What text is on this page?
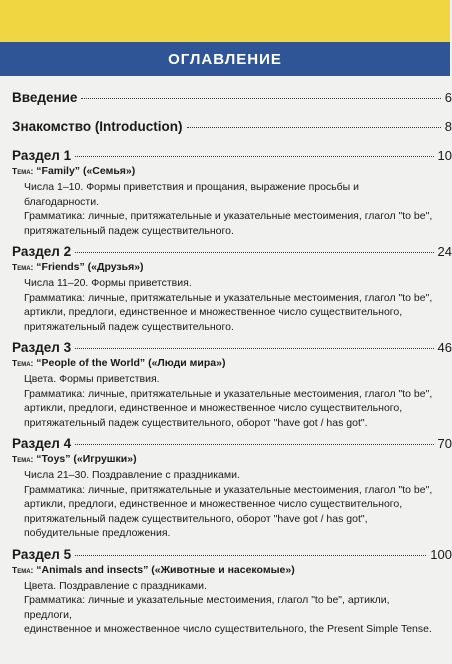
ОГЛАВЛЕНИЕ
Введение	6
Знакомство (Introduction)	8
Раздел 1	10
Тема: “Family” («Семья»)
Числа 1–10. Формы приветствия и прощания, выражение просьбы и благодарности.
Грамматика: личные, притяжательные и указательные местоимения, глагол "to be",
притяжательный падеж существительного.
Раздел 2	24
Тема: “Friends” («Друзья»)
Числа 11–20. Формы приветствия.
Грамматика: личные, притяжательные и указательные местоимения, глагол "to be",
артикли, предлоги, единственное и множественное число существительного,
притяжательный падеж существительного.
Раздел 3	46
Тема: “People of the World” («Люди мира»)
Цвета. Формы приветствия.
Грамматика: личные, притяжательные и указательные местоимения, глагол "to be",
артикли, предлоги, единственное и множественное число существительного,
притяжательный падеж существительного, оборот "have got / has got".
Раздел 4	70
Тема: “Toys” («Игрушки»)
Числа 21–30. Поздравление с праздниками.
Грамматика: личные, притяжательные и указательные местоимения, глагол "to be",
артикли, предлоги, единственное и множественное число существительного,
притяжательный падеж существительного, оборот "have got / has got",
побудительные предложения.
Раздел 5	100
Тема: “Animals and insects” («Животные и насекомые»)
Цвета. Поздравление с праздниками.
Грамматика: личные и указательные местоимения, глагол "to be", артикли, предлоги,
единственное и множественное число существительного, the Present Simple Tense.
